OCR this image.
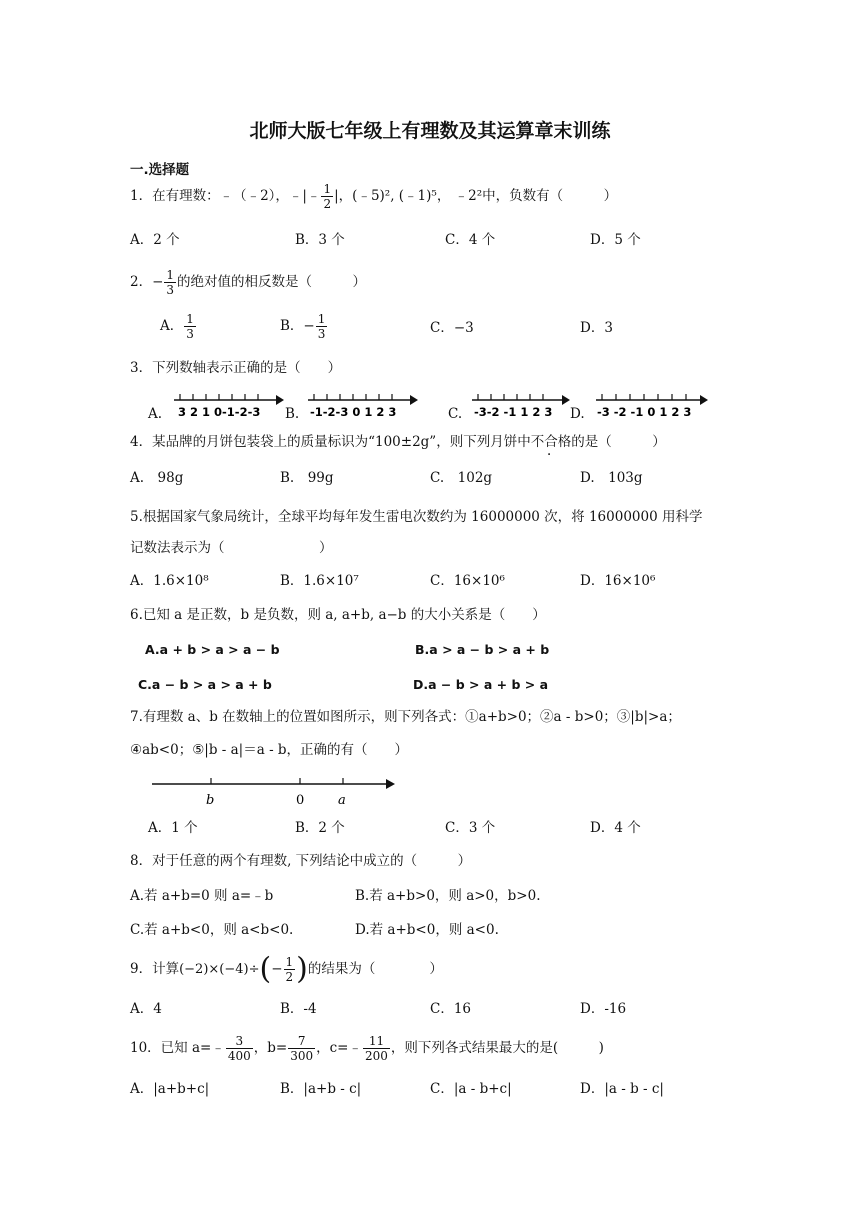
北师大版七年级上有理数及其运算章末训练
一.选择题
1．在有理数：﹣（﹣2），﹣|﹣ $\frac{1}{2}$ |，(﹣5)², (﹣1)⁵， ﹣2²中，负数有（　　　）
A．2 个	B．3 个	C．4 个	D．5 个
2．− $\frac{1}{3}$ 的绝对值的相反数是（　　　）
A． $\frac{1}{3}$	B．− $\frac{1}{3}$	C．−3	D．3
3．下列数轴表示正确的是（　　）
A.	B.	C.	D.
3 2 1 0-1-2-3	-1-2-3 0 1 2 3	-3-2 -1 1 2 3	-3 -2 -1 0 1 2 3
4．某品牌的月饼包装袋上的质量标识为“100±2g”，则下列月饼中不合格的是（　　　）
A.　98g	B.　99g	C.　102g	D.　103g
5.根据国家气象局统计，全球平均每年发生雷电次数约为 16000000 次，将 16000000 用科学
记数法表示为（　　　　　　　）
A．1.6×10⁸	B．1.6×10⁷	C．16×10⁶	D．16×10⁶
6.已知 a 是正数，b 是负数，则 a, a+b, a−b 的大小关系是（　　）
A.a + b > a > a − b	B.a > a − b > a + b
C.a − b > a > a + b	D.a − b > a + b > a
7.有理数 a、b 在数轴上的位置如图所示，则下列各式：①a+b>0；②a - b>0；③|b|>a；
④ab<0；⑤|b - a|＝a - b，正确的有（　　）
b	0	a
A．1 个	B．2 个	C．3 个	D．4 个
8．对于任意的两个有理数, 下列结论中成立的（　　　）
A.若 a+b=0 则 a=﹣b	B.若 a+b>0，则 a>0，b>0.
C.若 a+b<0，则 a<b<0.	D.若 a+b<0，则 a<0.
9．计算$(-2)\times(-4)\div(- \frac{1}{2}$ )的结果为（　　　　）
A．4	B．-4	C．16	D．-16
10．已知 a=﹣ $\frac{3}{400}$ ，$b= \frac{7}{300}$ ，c=﹣ $\frac{11}{200}$ ，则下列各式结果最大的是(　　　)
A．|a+b+c|	B．|a+b - c|	C．|a - b+c|	D．|a - b - c|
